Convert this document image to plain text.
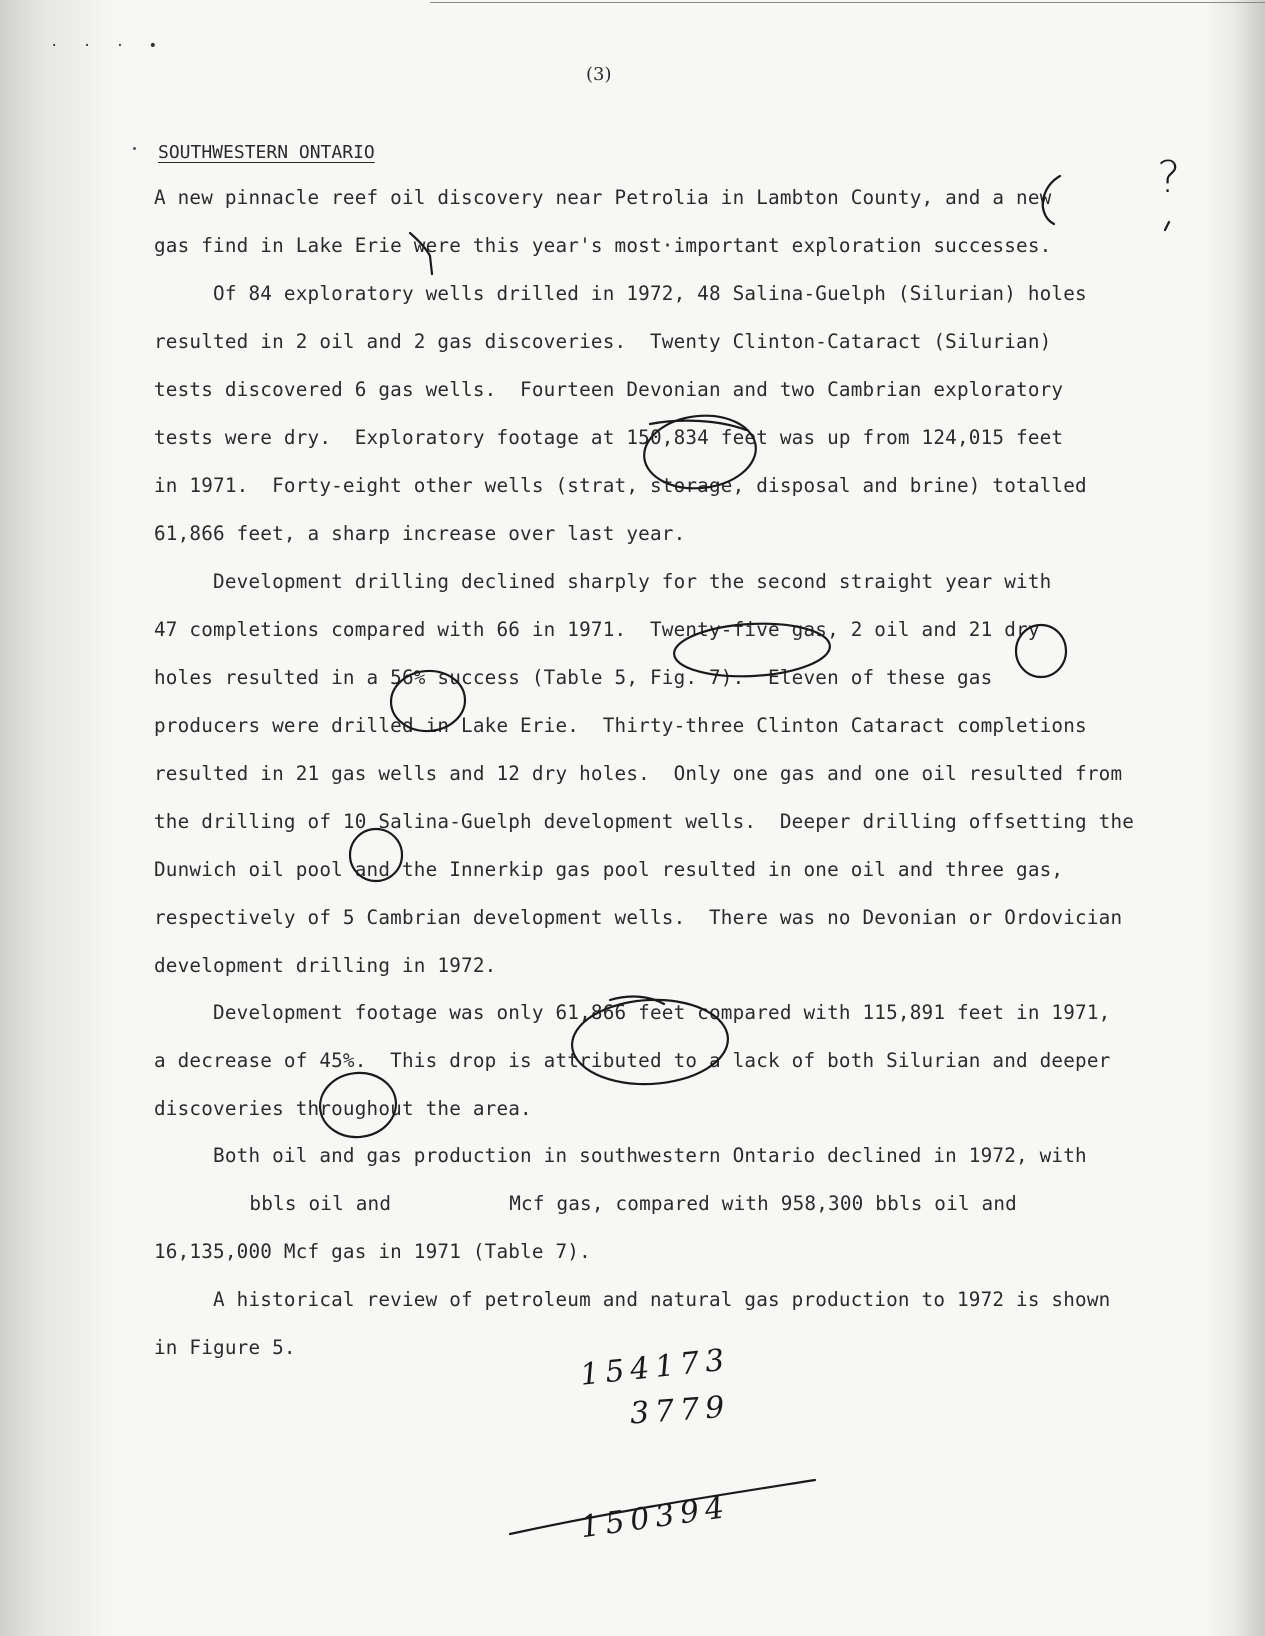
· · · •
(3)
SOUTHWESTERN ONTARIO
A new pinnacle reef oil discovery near Petrolia in Lambton County, and a new
gas find in Lake Erie were this year's most·important exploration successes.
Of 84 exploratory wells drilled in 1972, 48 Salina-Guelph (Silurian) holes
resulted in 2 oil and 2 gas discoveries.  Twenty Clinton-Cataract (Silurian)
tests discovered 6 gas wells.  Fourteen Devonian and two Cambrian exploratory
tests were dry.  Exploratory footage at 150,834 feet was up from 124,015 feet
in 1971.  Forty-eight other wells (strat, storage, disposal and brine) totalled
61,866 feet, a sharp increase over last year.
Development drilling declined sharply for the second straight year with
47 completions compared with 66 in 1971.  Twenty-five gas, 2 oil and 21 dry
holes resulted in a 56% success (Table 5, Fig. 7).  Eleven of these gas
producers were drilled in Lake Erie.  Thirty-three Clinton Cataract completions
resulted in 21 gas wells and 12 dry holes.  Only one gas and one oil resulted from
the drilling of 10 Salina-Guelph development wells.  Deeper drilling offsetting the
Dunwich oil pool and the Innerkip gas pool resulted in one oil and three gas,
respectively of 5 Cambrian development wells.  There was no Devonian or Ordovician
development drilling in 1972.
Development footage was only 61,866 feet compared with 115,891 feet in 1971,
a decrease of 45%.  This drop is attributed to a lack of both Silurian and deeper
discoveries throughout the area.
Both oil and gas production in southwestern Ontario declined in 1972, with
bbls oil and          Mcf gas, compared with 958,300 bbls oil and
16,135,000 Mcf gas in 1971 (Table 7).
A historical review of petroleum and natural gas production to 1972 is shown
in Figure 5.
?
154173
3779
150394
